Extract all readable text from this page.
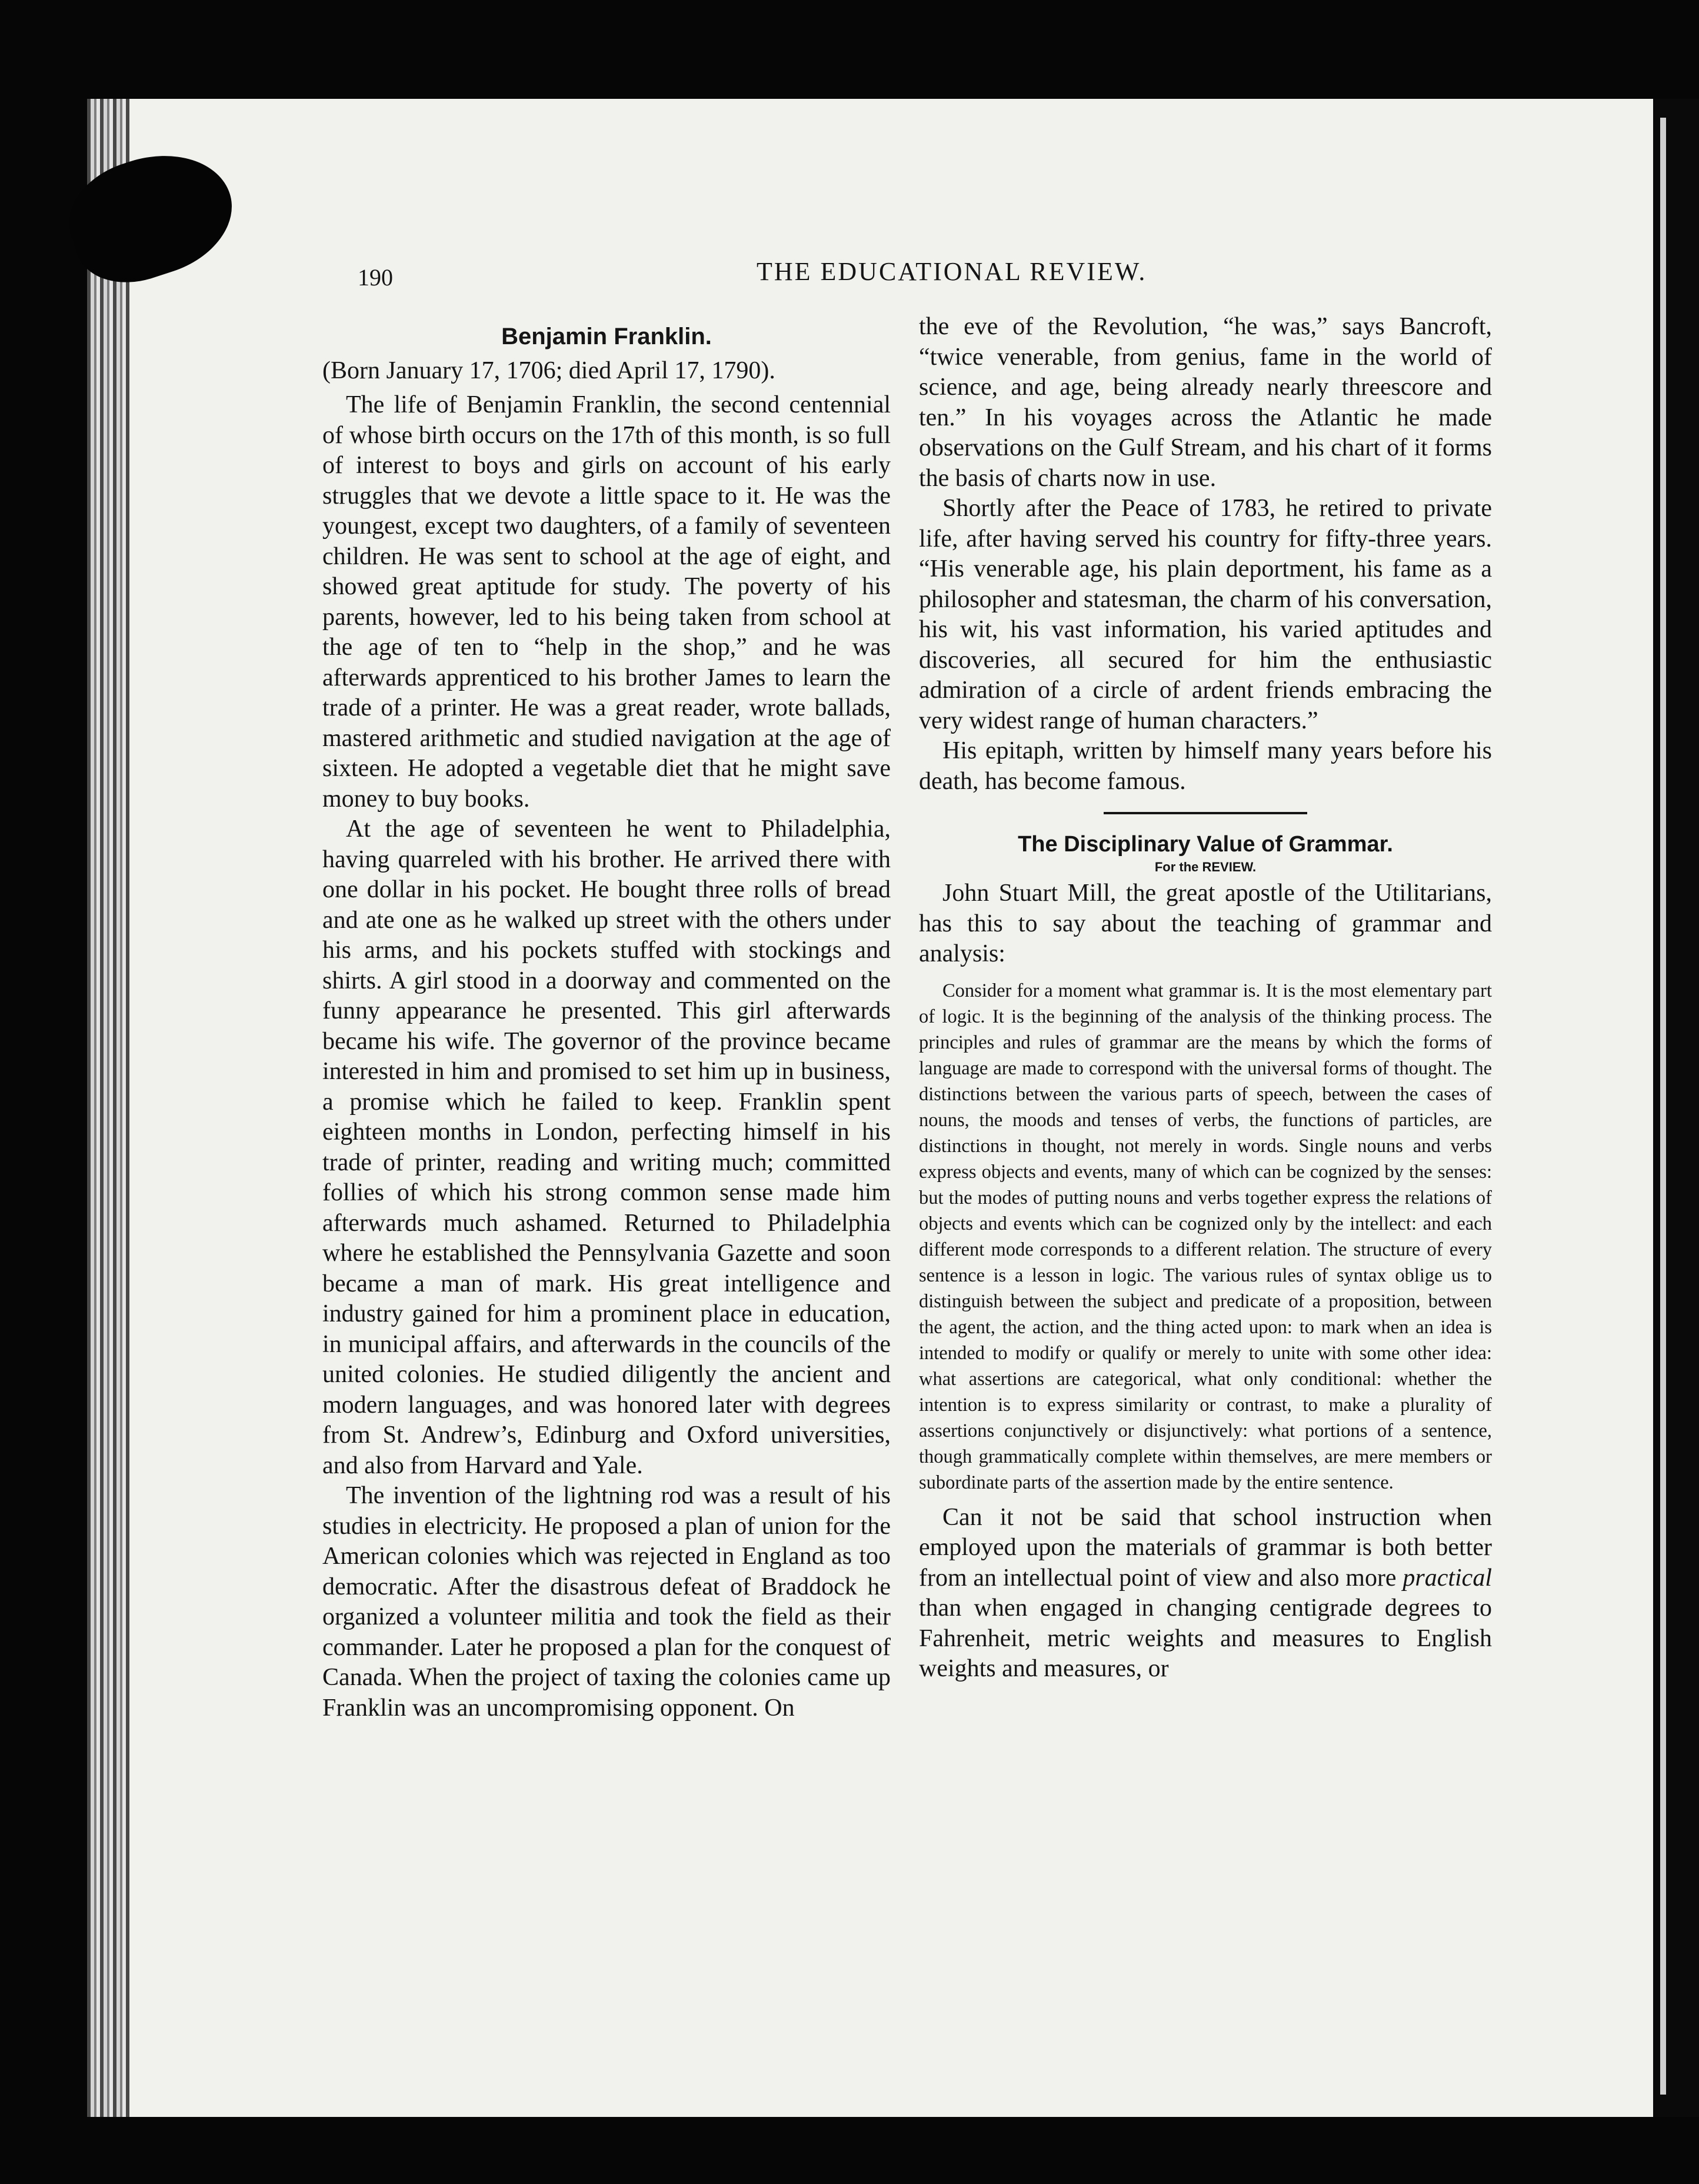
190	THE EDUCATIONAL REVIEW.
Benjamin Franklin.
(Born January 17, 1706; died April 17, 1790).

The life of Benjamin Franklin, the second centennial of whose birth occurs on the 17th of this month, is so full of interest to boys and girls on account of his early struggles that we devote a little space to it. He was the youngest, except two daughters, of a family of seventeen children. He was sent to school at the age of eight, and showed great aptitude for study. The poverty of his parents, however, led to his being taken from school at the age of ten to “help in the shop,” and he was afterwards apprenticed to his brother James to learn the trade of a printer. He was a great reader, wrote ballads, mastered arithmetic and studied navigation at the age of sixteen. He adopted a vegetable diet that he might save money to buy books.

At the age of seventeen he went to Philadelphia, having quarreled with his brother. He arrived there with one dollar in his pocket. He bought three rolls of bread and ate one as he walked up street with the others under his arms, and his pockets stuffed with stockings and shirts. A girl stood in a doorway and commented on the funny appearance he presented. This girl afterwards became his wife. The governor of the province became interested in him and promised to set him up in business, a promise which he failed to keep. Franklin spent eighteen months in London, perfecting himself in his trade of printer, reading and writing much; committed follies of which his strong common sense made him afterwards much ashamed. Returned to Philadelphia where he established the Pennsylvania Gazette and soon became a man of mark. His great intelligence and industry gained for him a prominent place in education, in municipal affairs, and afterwards in the councils of the united colonies. He studied diligently the ancient and modern languages, and was honored later with degrees from St. Andrew’s, Edinburg and Oxford universities, and also from Harvard and Yale.

The invention of the lightning rod was a result of his studies in electricity. He proposed a plan of union for the American colonies which was rejected in England as too democratic. After the disastrous defeat of Braddock he organized a volunteer militia and took the field as their commander. Later he proposed a plan for the conquest of Canada. When the project of taxing the colonies came up Franklin was an uncompromising opponent. On

the eve of the Revolution, “he was,” says Bancroft, “twice venerable, from genius, fame in the world of science, and age, being already nearly threescore and ten.” In his voyages across the Atlantic he made observations on the Gulf Stream, and his chart of it forms the basis of charts now in use.

Shortly after the Peace of 1783, he retired to private life, after having served his country for fifty-three years. “His venerable age, his plain deportment, his fame as a philosopher and statesman, the charm of his conversation, his wit, his vast information, his varied aptitudes and discoveries, all secured for him the enthusiastic admiration of a circle of ardent friends embracing the very widest range of human characters.”

His epitaph, written by himself many years before his death, has become famous.

The Disciplinary Value of Grammar.
For the REVIEW.

John Stuart Mill, the great apostle of the Utilitarians, has this to say about the teaching of grammar and analysis:

Consider for a moment what grammar is. It is the most elementary part of logic. It is the beginning of the analysis of the thinking process. The principles and rules of grammar are the means by which the forms of language are made to correspond with the universal forms of thought. The distinctions between the various parts of speech, between the cases of nouns, the moods and tenses of verbs, the functions of particles, are distinctions in thought, not merely in words. Single nouns and verbs express objects and events, many of which can be cognized by the senses: but the modes of putting nouns and verbs together express the relations of objects and events which can be cognized only by the intellect: and each different mode corresponds to a different relation. The structure of every sentence is a lesson in logic. The various rules of syntax oblige us to distinguish between the subject and predicate of a proposition, between the agent, the action, and the thing acted upon: to mark when an idea is intended to modify or qualify or merely to unite with some other idea: what assertions are categorical, what only conditional: whether the intention is to express similarity or contrast, to make a plurality of assertions conjunctively or disjunctively: what portions of a sentence, though grammatically complete within themselves, are mere members or subordinate parts of the assertion made by the entire sentence.

Can it not be said that school instruction when employed upon the materials of grammar is both better from an intellectual point of view and also more practical than when engaged in changing centigrade degrees to Fahrenheit, metric weights and measures to English weights and measures, or
